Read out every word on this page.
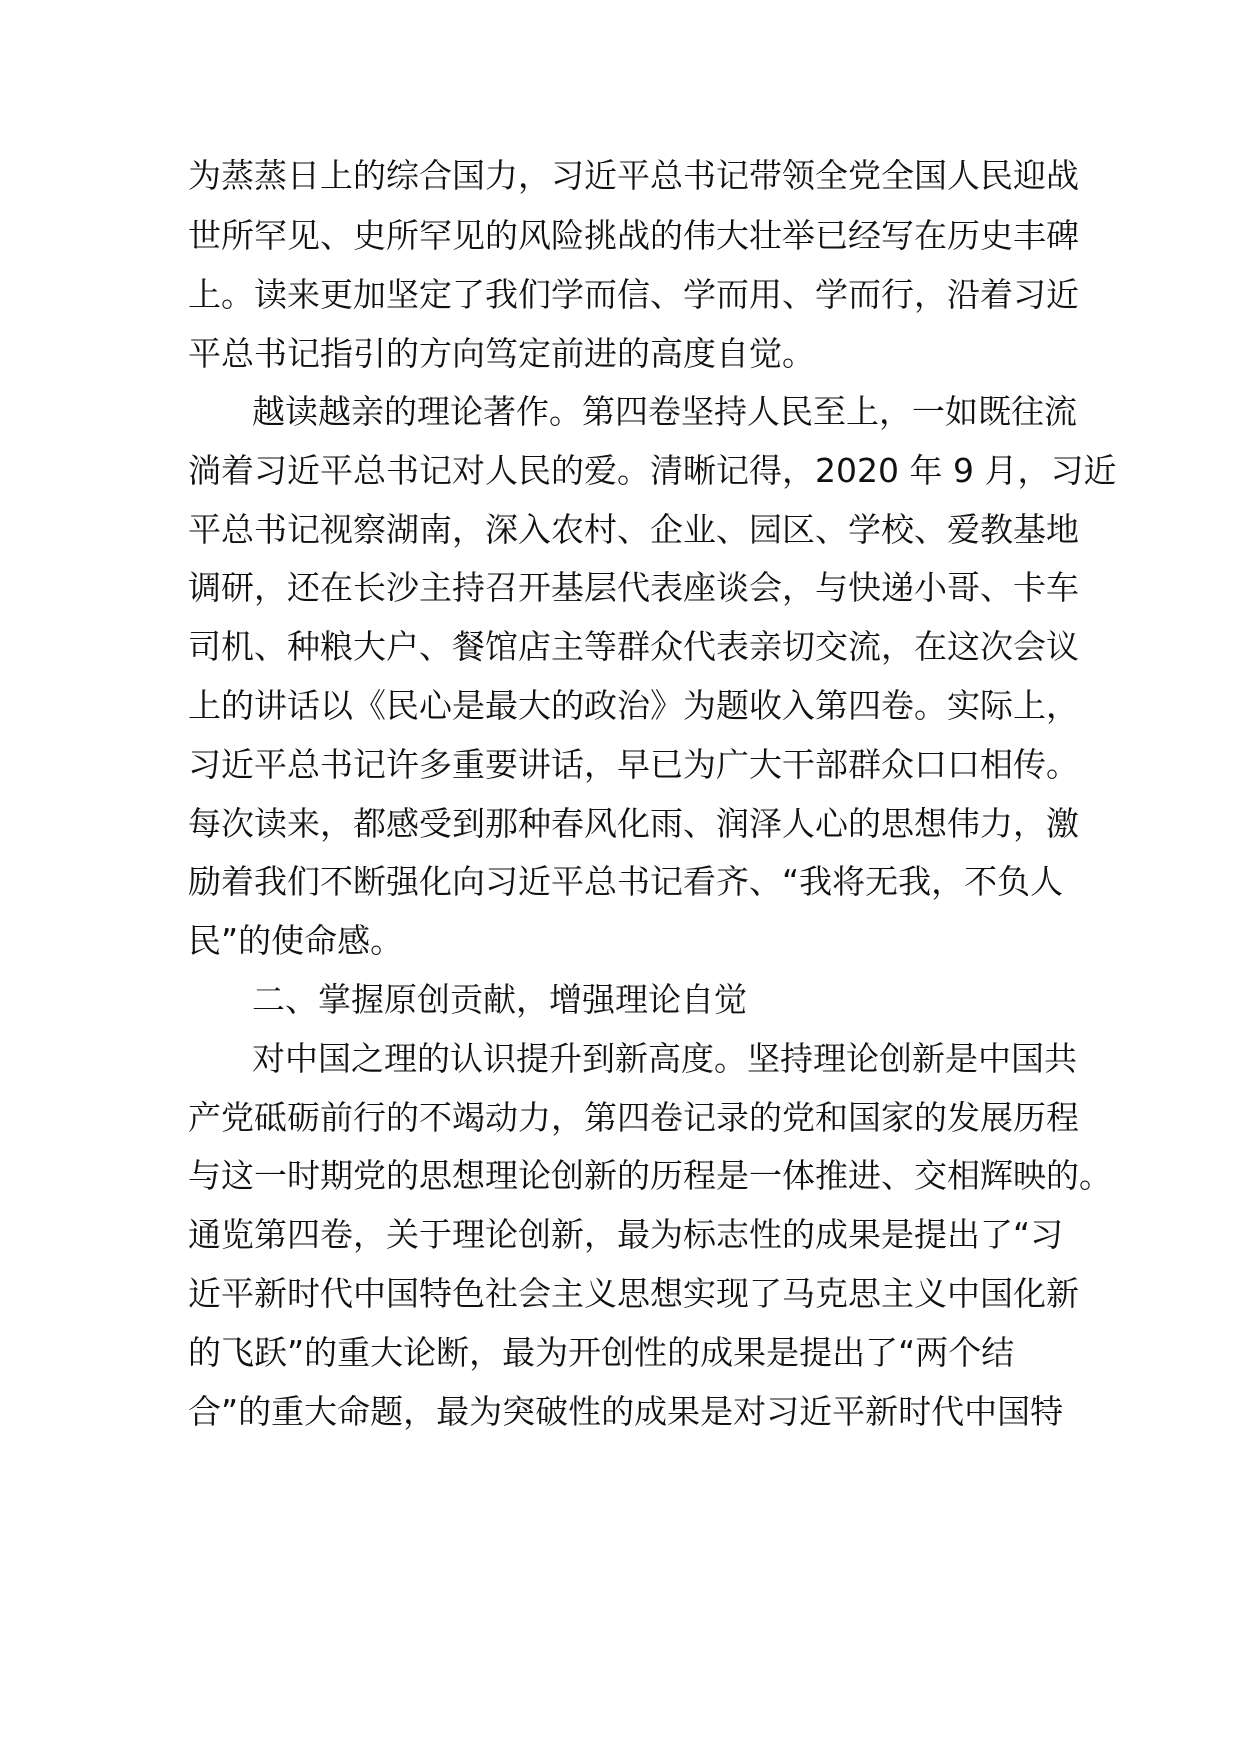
为蒸蒸日上的综合国力，习近平总书记带领全党全国人民迎战
世所罕见、史所罕见的风险挑战的伟大壮举已经写在历史丰碑
上。读来更加坚定了我们学而信、学而用、学而行，沿着习近
平总书记指引的方向笃定前进的高度自觉。
越读越亲的理论著作。第四卷坚持人民至上，一如既往流
淌着习近平总书记对人民的爱。清晰记得，2020 年 9 月，习近
平总书记视察湖南，深入农村、企业、园区、学校、爱教基地
调研，还在长沙主持召开基层代表座谈会，与快递小哥、卡车
司机、种粮大户、餐馆店主等群众代表亲切交流，在这次会议
上的讲话以《民心是最大的政治》为题收入第四卷。实际上，
习近平总书记许多重要讲话，早已为广大干部群众口口相传。
每次读来，都感受到那种春风化雨、润泽人心的思想伟力，激
励着我们不断强化向习近平总书记看齐、“我将无我，不负人
民”的使命感。
二、掌握原创贡献，增强理论自觉
对中国之理的认识提升到新高度。坚持理论创新是中国共
产党砥砺前行的不竭动力，第四卷记录的党和国家的发展历程
与这一时期党的思想理论创新的历程是一体推进、交相辉映的。
通览第四卷，关于理论创新，最为标志性的成果是提出了“习
近平新时代中国特色社会主义思想实现了马克思主义中国化新
的飞跃”的重大论断，最为开创性的成果是提出了“两个结
合”的重大命题，最为突破性的成果是对习近平新时代中国特
